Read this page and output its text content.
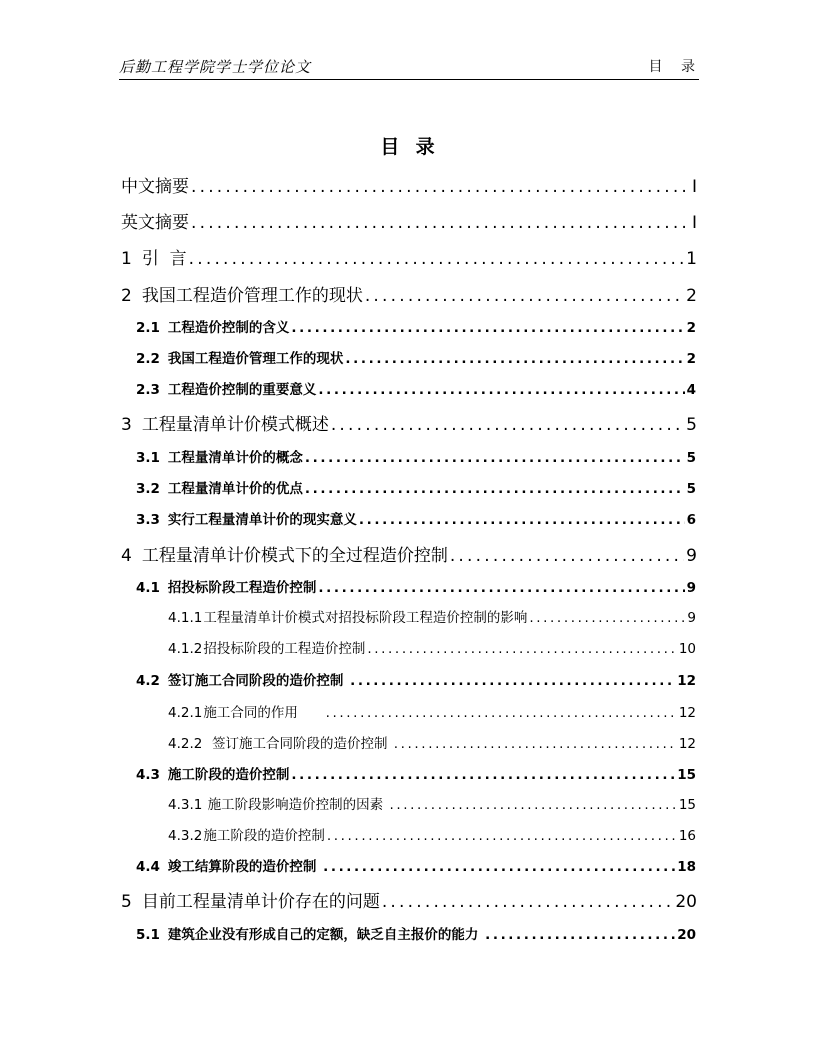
后勤工程学院学士学位论文	目 录
目  录
中文摘要 .....	I
英文摘要 .....	I
1 引  言 .....	1
2 我国工程造价管理工作的现状 .....	2
2.1 工程造价控制的含义 .....	2
2.2 我国工程造价管理工作的现状 .....	2
2.3 工程造价控制的重要意义 .....	4
3 工程量清单计价模式概述 .....	5
3.1 工程量清单计价的概念 .....	5
3.2 工程量清单计价的优点 .....	5
3.3 实行工程量清单计价的现实意义 .....	6
4 工程量清单计价模式下的全过程造价控制 .....	9
4.1 招投标阶段工程造价控制 .....	9
4.1.1 工程量清单计价模式对招投标阶段工程造价控制的影响 .....	9
4.1.2 招投标阶段的工程造价控制 .....	10
4.2 签订施工合同阶段的造价控制 .....	12
4.2.1 施工合同的作用 .....	12
4.2.2 签订施工合同阶段的造价控制 .....	12
4.3 施工阶段的造价控制 .....	15
4.3.1 施工阶段影响造价控制的因素 .....	15
4.3.2 施工阶段的造价控制 .....	16
4.4 竣工结算阶段的造价控制 .....	18
5 目前工程量清单计价存在的问题 .....	20
5.1 建筑企业没有形成自己的定额，缺乏自主报价的能力 .....	20
